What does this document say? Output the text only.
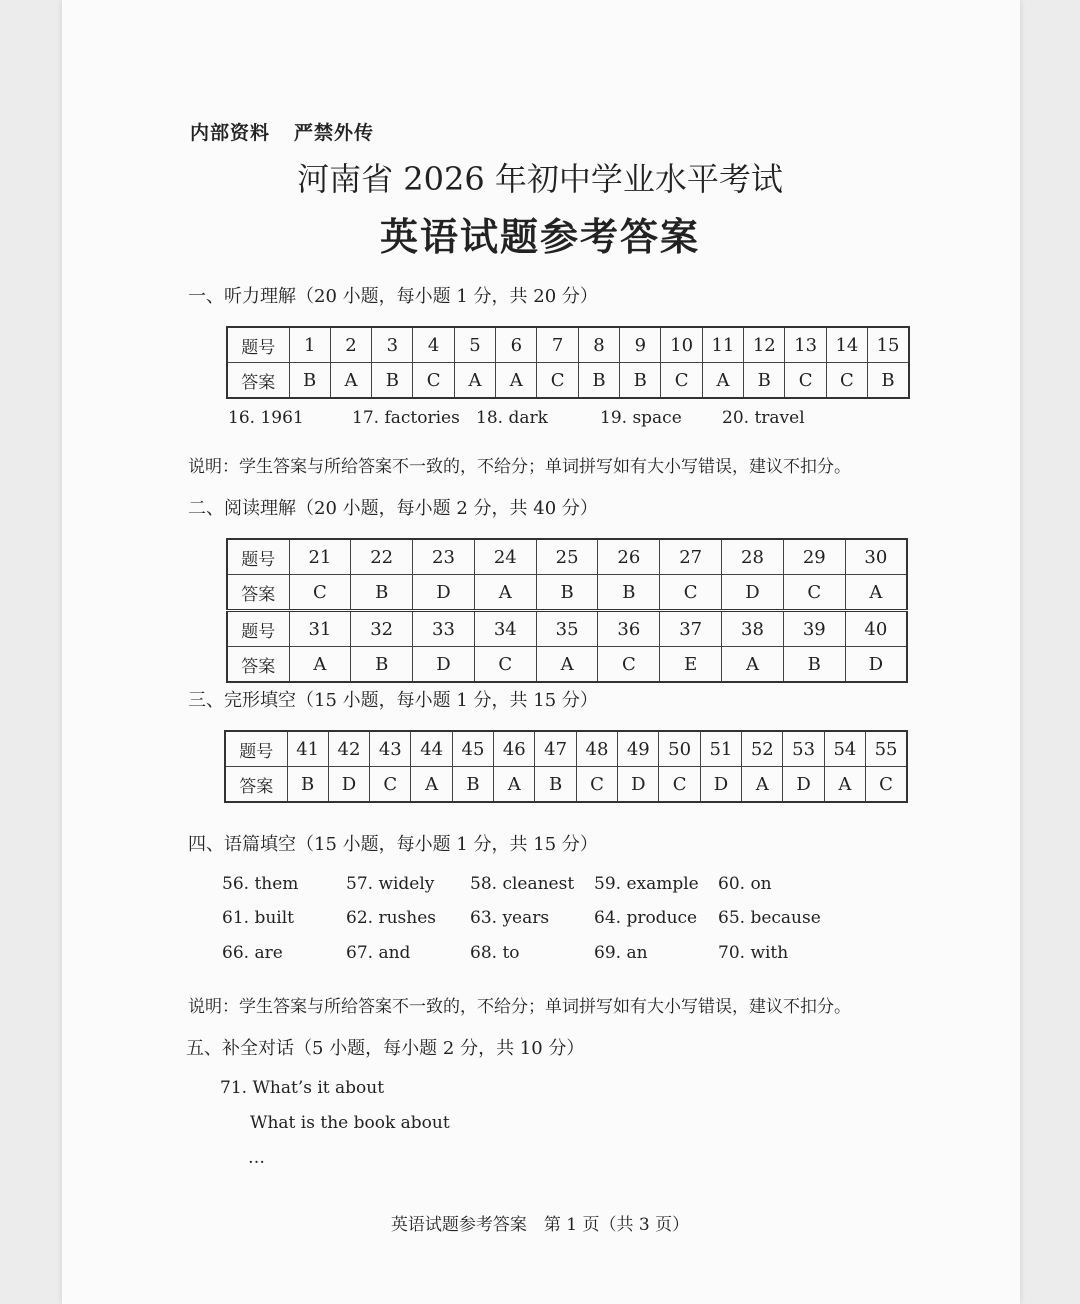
内部资料 严禁外传
河南省 2026 年初中学业水平考试
英语试题参考答案
一、听力理解（20 小题，每小题 1 分，共 20 分）
题号	1	2	3	4	5	6	7	8	9	10	11	12	13	14	15
答案	B	A	B	C	A	A	C	B	B	C	A	B	C	C	B
16. 1961	17. factories 18. dark	19. space 20. travel
说明：学生答案与所给答案不一致的，不给分；单词拼写如有大小写错误，建议不扣分。
二、阅读理解（20 小题，每小题 2 分，共 40 分）
题号	21	22	23	24	25	26	27	28	29	30
答案	C	B	D	A	B	B	C	D	C	A
题号	31	32	33	34	35	36	37	38	39	40
答案	A	B	D	C	A	C	E	A	B	D
三、完形填空（15 小题，每小题 1 分，共 15 分）
题号	41	42	43	44	45	46	47	48	49	50	51	52	53	54	55
答案	B	D	C	A	B	A	B	C	D	C	D	A	D	A	C
四、语篇填空（15 小题，每小题 1 分，共 15 分）
56. them	57. widely 58. cleanest 59. example 60. on
61. built	62. rushes 63. years	64. produce 65. because
66. are	67. and	68. to	69. an	70. with
说明：学生答案与所给答案不一致的，不给分；单词拼写如有大小写错误，建议不扣分。
五、补全对话（5 小题，每小题 2 分，共 10 分）
71. What’s it about
What is the book about
…
英语试题参考答案　第 1 页（共 3 页）
